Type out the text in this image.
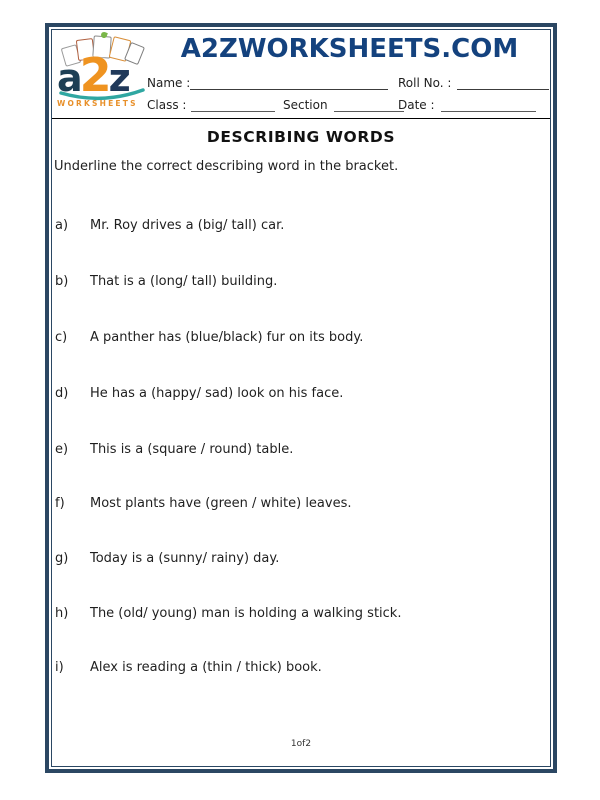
a2z
WORKSHEETS
A2ZWORKSHEETS.COM
Name :	Roll No. :
Class :	Section	Date :
DESCRIBING WORDS
Underline the correct describing word in the bracket.
a) Mr. Roy drives a (big/ tall) car.
b) That is a (long/ tall) building.
c) A panther has (blue/black) fur on its body.
d) He has a (happy/ sad) look on his face.
e) This is a (square / round) table.
f) Most plants have (green / white) leaves.
g) Today is a (sunny/ rainy) day.
h) The (old/ young) man is holding a walking stick.
i) Alex is reading a (thin / thick) book.
1of2
